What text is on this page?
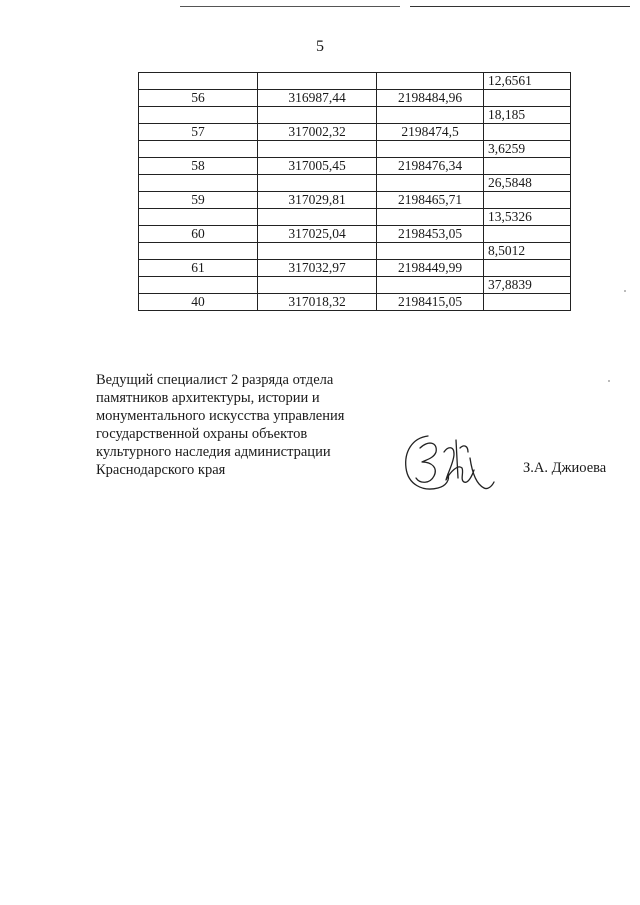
5
			12,6561
56	316987,44	2198484,96	
			18,185
57	317002,32	2198474,5	
			3,6259
58	317005,45	2198476,34	
			26,5848
59	317029,81	2198465,71	
			13,5326
60	317025,04	2198453,05	
			8,5012
61	317032,97	2198449,99	
			37,8839
40	317018,32	2198415,05	
Ведущий специалист 2 разряда отдела
памятников архитектуры, истории и
монументального искусства управления
государственной охраны объектов
культурного наследия администрации
Краснодарского края	З.А. Джиоева
